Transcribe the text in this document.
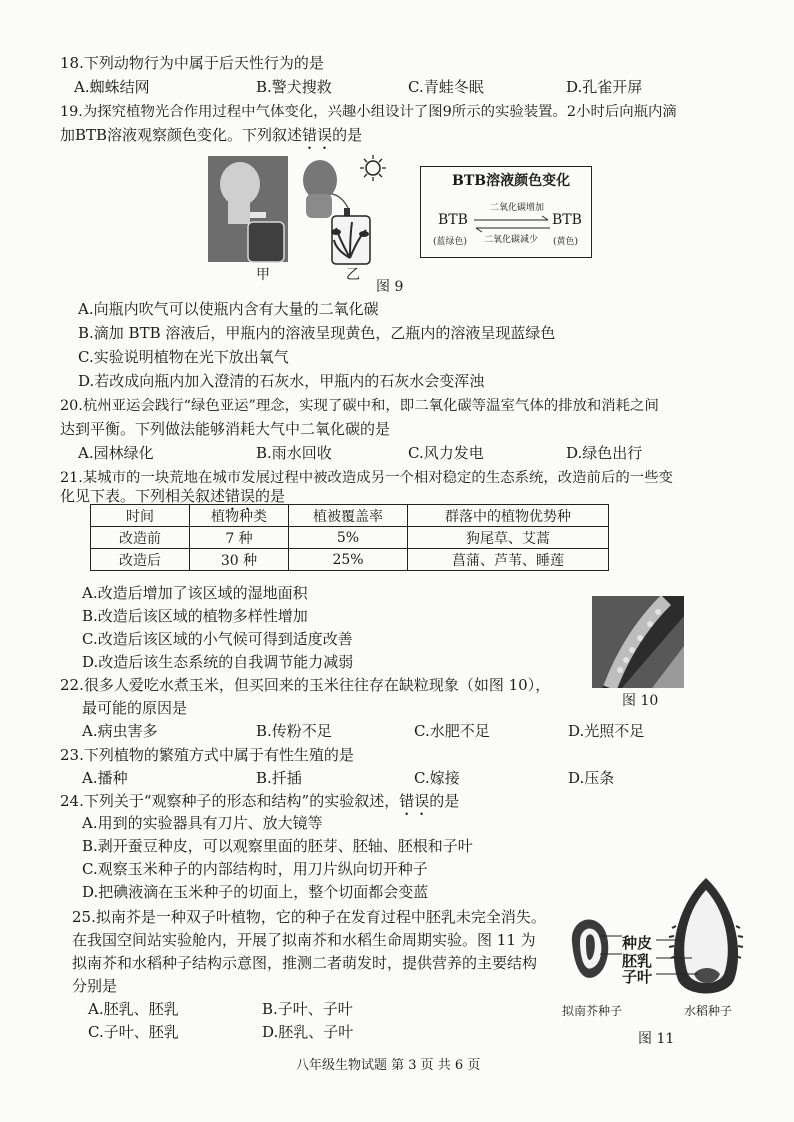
18.下列动物行为中属于后天性行为的是
A.蜘蛛结网	B.警犬搜救	C.青蛙冬眠	D.孔雀开屏
19.为探究植物光合作用过程中气体变化，兴趣小组设计了图9所示的实验装置。2小时后向瓶内滴
加BTB溶液观察颜色变化。下列叙述错误的是
甲	乙
图 9
BTB溶液颜色变化
BTB
(蓝绿色)
BTB
(黄色)
二氧化碳增加
二氧化碳减少
A.向瓶内吹气可以使瓶内含有大量的二氧化碳
B.滴加 BTB 溶液后，甲瓶内的溶液呈现黄色，乙瓶内的溶液呈现蓝绿色
C.实验说明植物在光下放出氧气
D.若改成向瓶内加入澄清的石灰水，甲瓶内的石灰水会变浑浊
20.杭州亚运会践行“绿色亚运”理念，实现了碳中和，即二氧化碳等温室气体的排放和消耗之间
达到平衡。下列做法能够消耗大气中二氧化碳的是
A.园林绿化	B.雨水回收	C.风力发电	D.绿色出行
21.某城市的一块荒地在城市发展过程中被改造成另一个相对稳定的生态系统，改造前后的一些变
化见下表。下列相关叙述错误的是
时间	植物种类	植被覆盖率	群落中的植物优势种
改造前	7 种	5%	狗尾草、艾蒿
改造后	30 种	25%	菖蒲、芦苇、睡莲
A.改造后增加了该区域的湿地面积
B.改造后该区域的植物多样性增加
C.改造后该区域的小气候可得到适度改善
D.改造后该生态系统的自我调节能力减弱
图 10
22.很多人爱吃水煮玉米，但买回来的玉米往往存在缺粒现象（如图 10），
最可能的原因是
A.病虫害多	B.传粉不足	C.水肥不足	D.光照不足
23.下列植物的繁殖方式中属于有性生殖的是
A.播种	B.扦插	C.嫁接	D.压条
24.下列关于“观察种子的形态和结构”的实验叙述，错误的是
A.用到的实验器具有刀片、放大镜等
B.剥开蚕豆种皮，可以观察里面的胚芽、胚轴、胚根和子叶
C.观察玉米种子的内部结构时，用刀片纵向切开种子
D.把碘液滴在玉米种子的切面上，整个切面都会变蓝
25.拟南芥是一种双子叶植物，它的种子在发育过程中胚乳未完全消失。
在我国空间站实验舱内，开展了拟南芥和水稻生命周期实验。图 11 为
拟南芥和水稻种子结构示意图，推测二者萌发时，提供营养的主要结构
分别是
A.胚乳、胚乳	B.子叶、子叶
C.子叶、胚乳	D.胚乳、子叶
种皮
胚乳
子叶
拟南芥种子	水稻种子
图 11
八年级生物试题 第 3 页 共 6 页
